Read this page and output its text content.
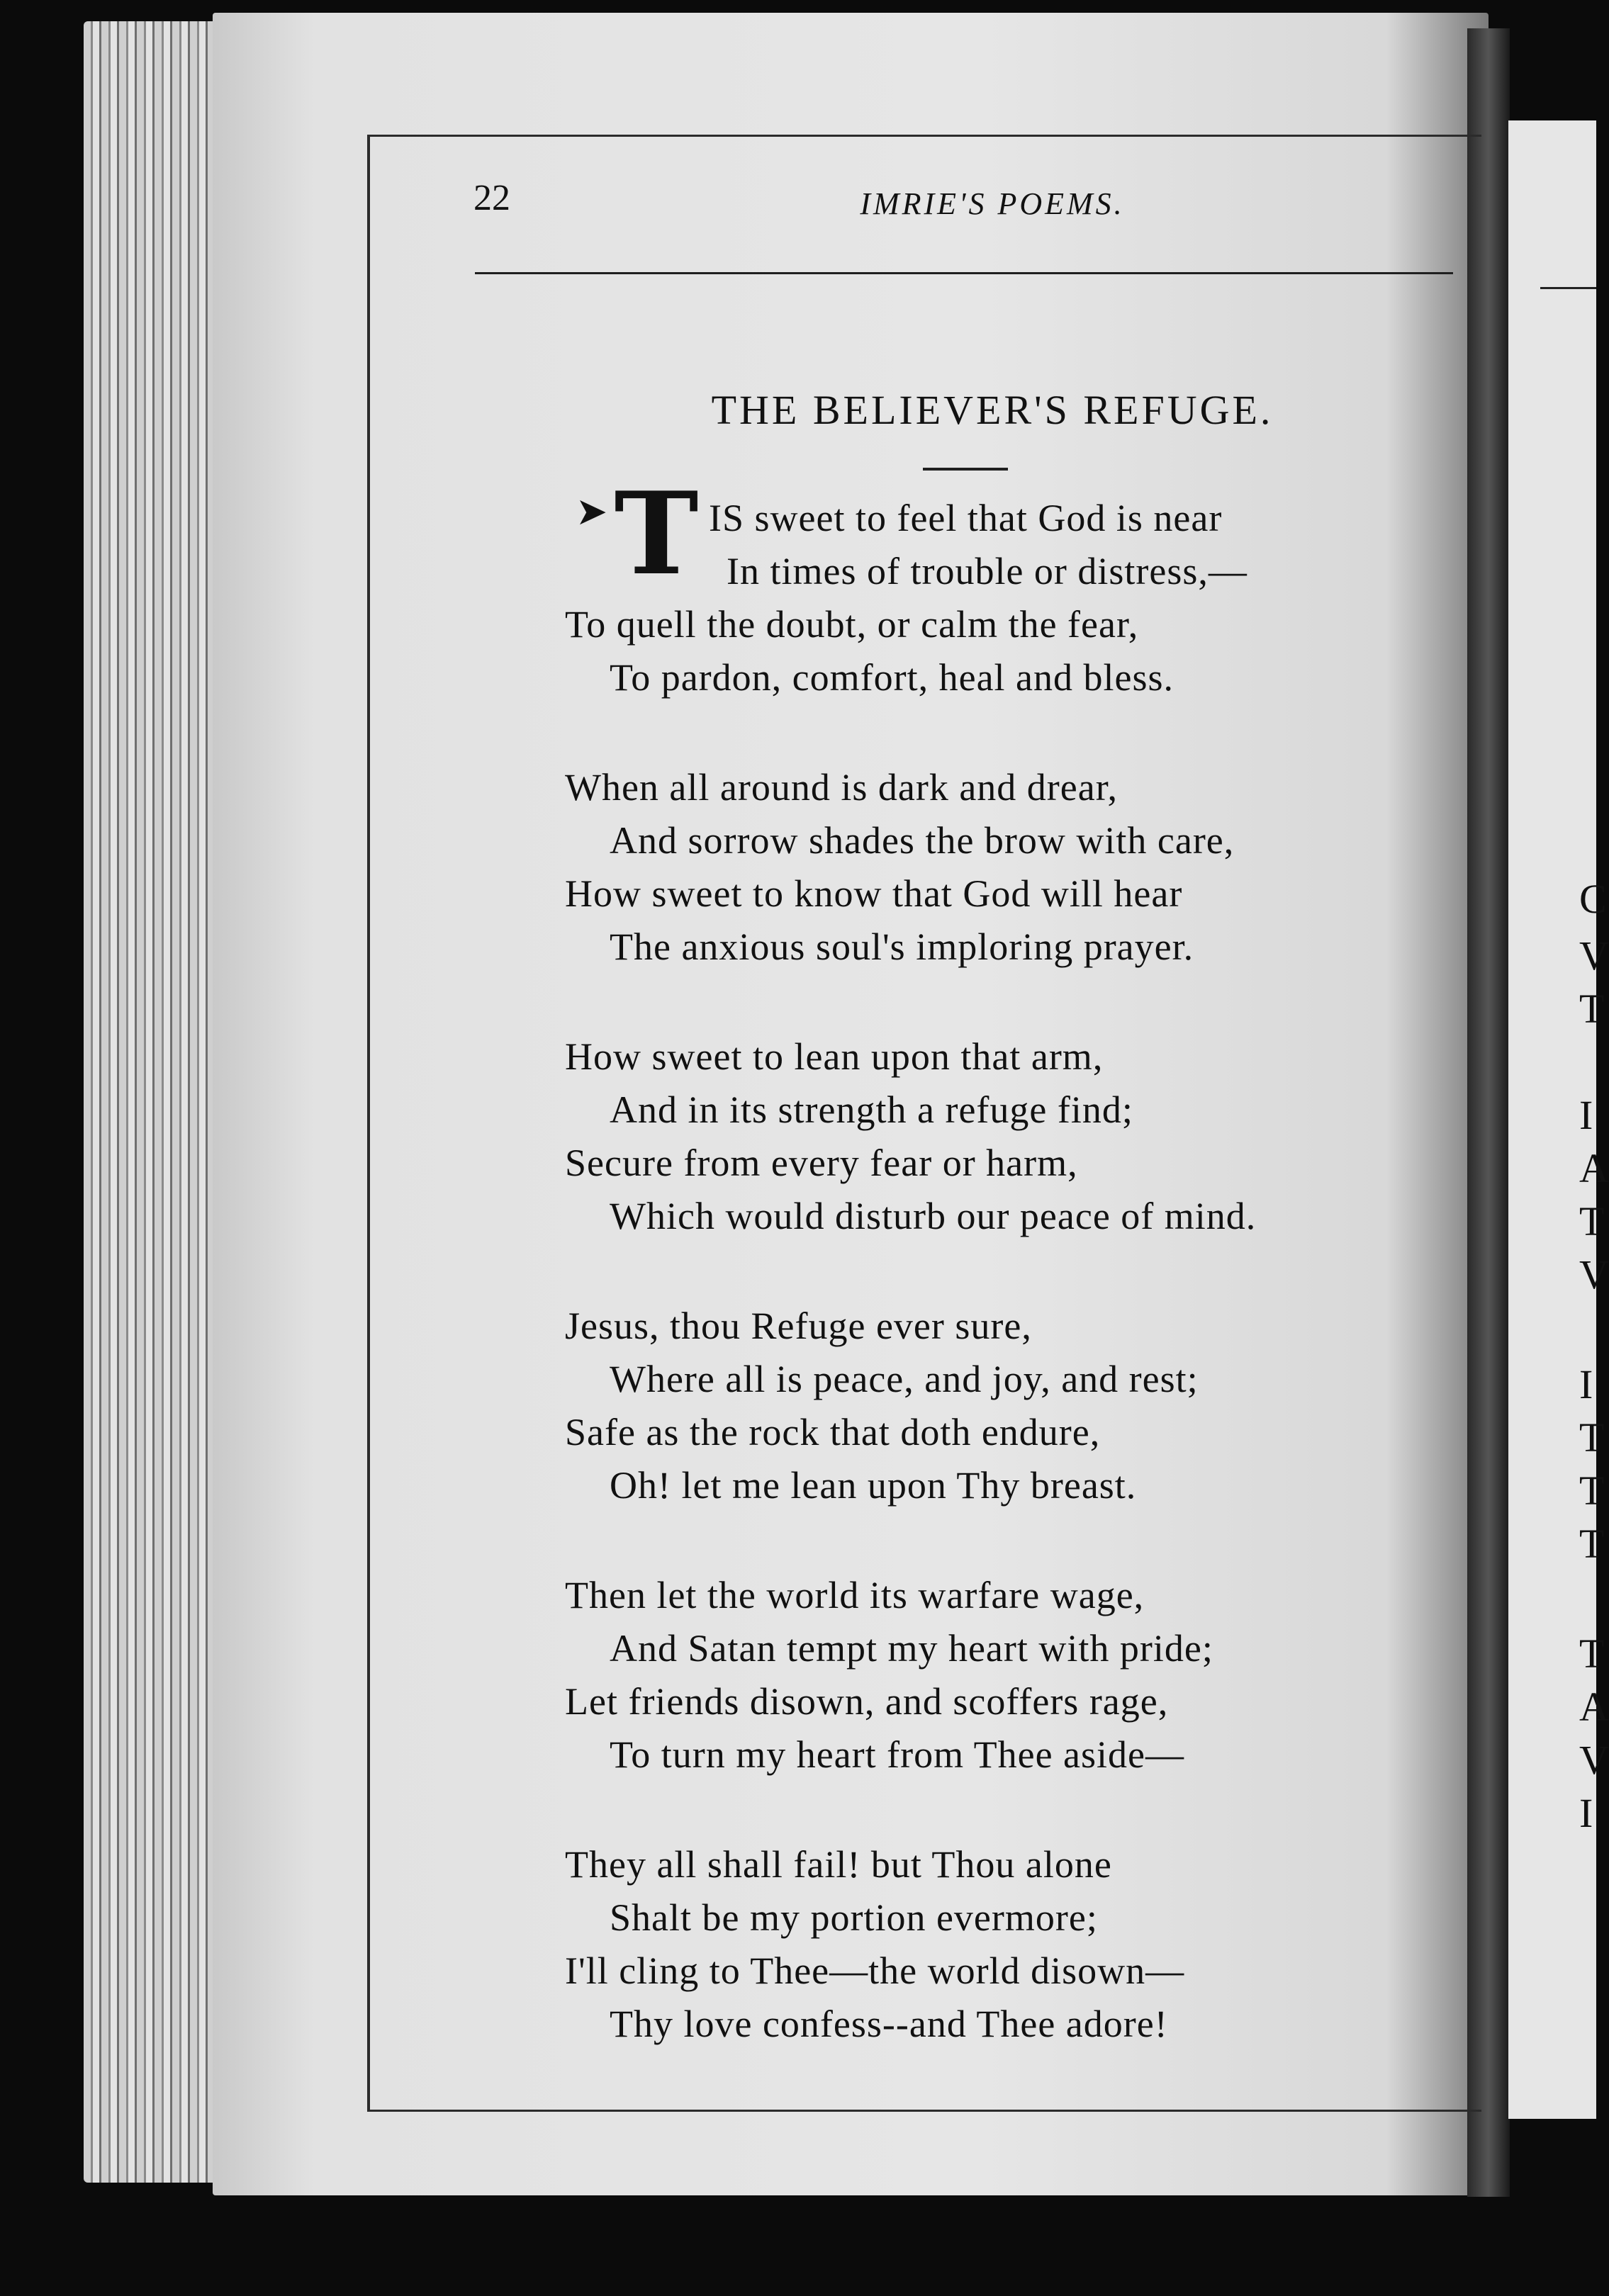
C
V
T
I
A
T
V
I
T
T
T
T
A
V
I
22	IMRIE'S POEMS.
THE BELIEVER'S REFUGE.
➤ T IS sweet to feel that God is near
In times of trouble or distress,—
To quell the doubt, or calm the fear,
To pardon, comfort, heal and bless.
When all around is dark and drear,
And sorrow shades the brow with care,
How sweet to know that God will hear
The anxious soul's imploring prayer.
How sweet to lean upon that arm,
And in its strength a refuge find;
Secure from every fear or harm,
Which would disturb our peace of mind.
Jesus, thou Refuge ever sure,
Where all is peace, and joy, and rest;
Safe as the rock that doth endure,
Oh! let me lean upon Thy breast.
Then let the world its warfare wage,
And Satan tempt my heart with pride;
Let friends disown, and scoffers rage,
To turn my heart from Thee aside—
They all shall fail! but Thou alone
Shalt be my portion evermore;
I'll cling to Thee—the world disown—
Thy love confess--and Thee adore!
